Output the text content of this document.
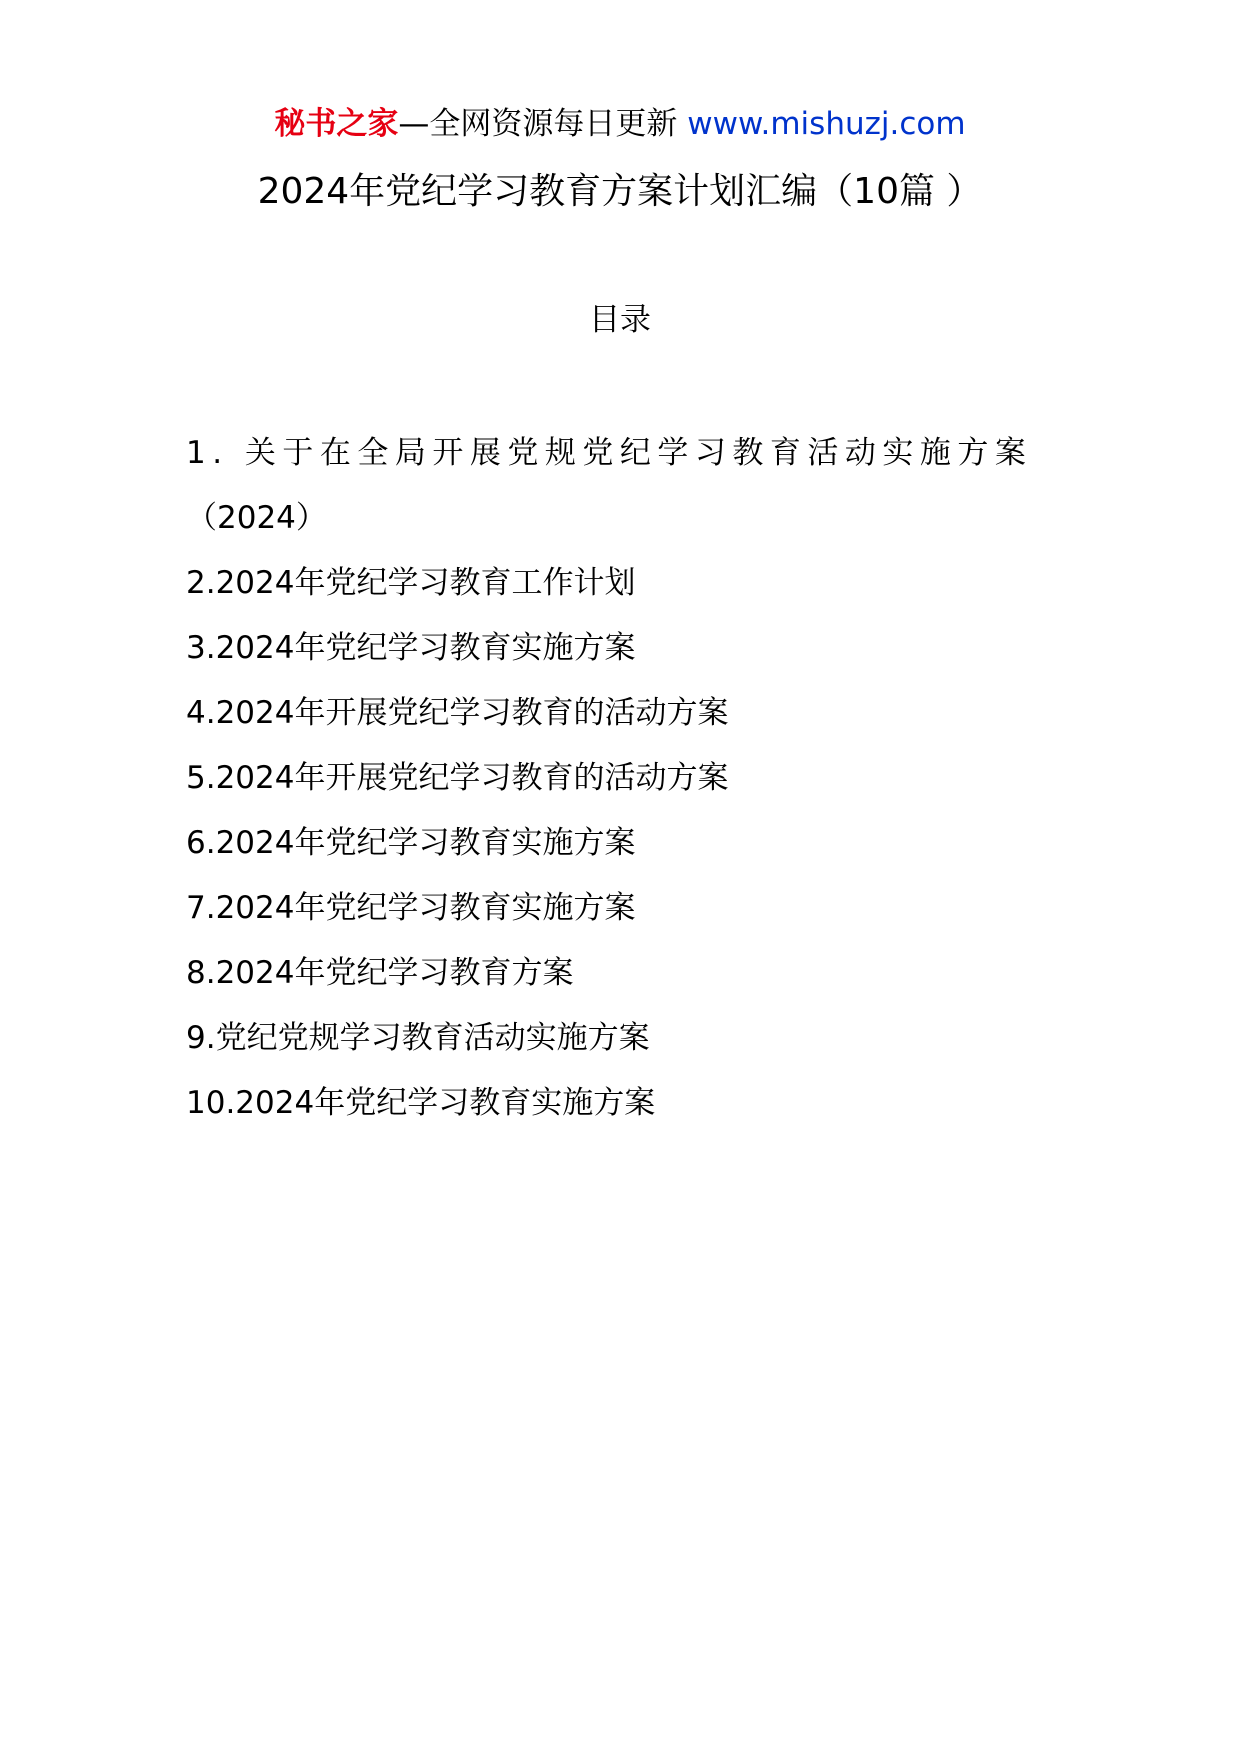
秘书之家—全网资源每日更新 www.mishuzj.com
2024年党纪学习教育方案计划汇编（10篇 ）
目录
1. 关于在全局开展党规党纪学习教育活动实施方案
（2024）
2.2024年党纪学习教育工作计划
3.2024年党纪学习教育实施方案
4.2024年开展党纪学习教育的活动方案
5.2024年开展党纪学习教育的活动方案
6.2024年党纪学习教育实施方案
7.2024年党纪学习教育实施方案
8.2024年党纪学习教育方案
9.党纪党规学习教育活动实施方案
10.2024年党纪学习教育实施方案
